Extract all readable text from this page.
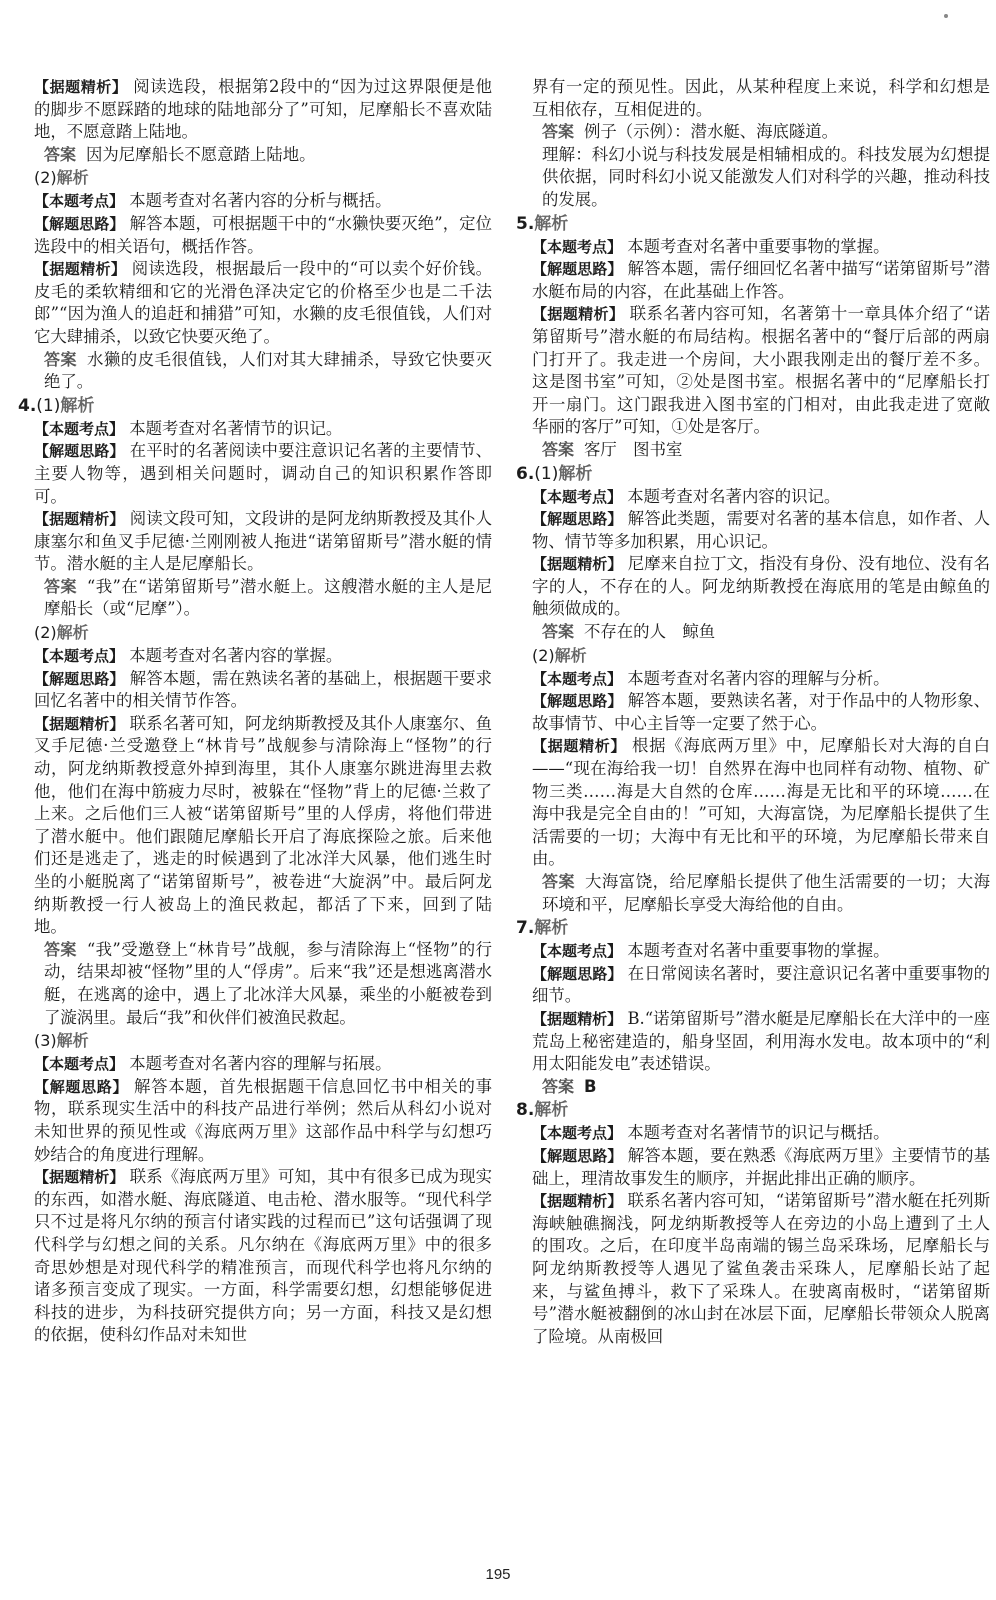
【据题精析】 阅读选段，根据第2段中的“因为过这界限便是他的脚步不愿踩踏的地球的陆地部分了”可知，尼摩船长不喜欢陆地，不愿意踏上陆地。

答案 因为尼摩船长不愿意踏上陆地。

(2)解析

【本题考点】 本题考查对名著内容的分析与概括。

【解题思路】 解答本题，可根据题干中的“水獭快要灭绝”，定位选段中的相关语句，概括作答。

【据题精析】 阅读选段，根据最后一段中的“可以卖个好价钱。皮毛的柔软精细和它的光滑色泽决定它的价格至少也是二千法郎”“因为渔人的追赶和捕猎”可知，水獭的皮毛很值钱，人们对它大肆捕杀，以致它快要灭绝了。

答案 水獭的皮毛很值钱，人们对其大肆捕杀，导致它快要灭绝了。

4.(1)解析

【本题考点】 本题考查对名著情节的识记。

【解题思路】 在平时的名著阅读中要注意识记名著的主要情节、主要人物等，遇到相关问题时，调动自己的知识积累作答即可。

【据题精析】 阅读文段可知，文段讲的是阿龙纳斯教授及其仆人康塞尔和鱼叉手尼德·兰刚刚被人拖进“诺第留斯号”潜水艇的情节。潜水艇的主人是尼摩船长。

答案 “我”在“诺第留斯号”潜水艇上。这艘潜水艇的主人是尼摩船长（或“尼摩”）。

(2)解析

【本题考点】 本题考查对名著内容的掌握。

【解题思路】 解答本题，需在熟读名著的基础上，根据题干要求回忆名著中的相关情节作答。

【据题精析】 联系名著可知，阿龙纳斯教授及其仆人康塞尔、鱼叉手尼德·兰受邀登上“林肯号”战舰参与清除海上“怪物”的行动，阿龙纳斯教授意外掉到海里，其仆人康塞尔跳进海里去救他，他们在海中筋疲力尽时，被躲在“怪物”背上的尼德·兰救了上来。之后他们三人被“诺第留斯号”里的人俘虏，将他们带进了潜水艇中。他们跟随尼摩船长开启了海底探险之旅。后来他们还是逃走了，逃走的时候遇到了北冰洋大风暴，他们逃生时坐的小艇脱离了“诺第留斯号”，被卷进“大旋涡”中。最后阿龙纳斯教授一行人被岛上的渔民救起，都活了下来，回到了陆地。

答案 “我”受邀登上“林肯号”战舰，参与清除海上“怪物”的行动，结果却被“怪物”里的人“俘虏”。后来“我”还是想逃离潜水艇，在逃离的途中，遇上了北冰洋大风暴，乘坐的小艇被卷到了漩涡里。最后“我”和伙伴们被渔民救起。

(3)解析

【本题考点】 本题考查对名著内容的理解与拓展。

【解题思路】 解答本题，首先根据题干信息回忆书中相关的事物，联系现实生活中的科技产品进行举例；然后从科幻小说对未知世界的预见性或《海底两万里》这部作品中科学与幻想巧妙结合的角度进行理解。

【据题精析】 联系《海底两万里》可知，其中有很多已成为现实的东西，如潜水艇、海底隧道、电击枪、潜水服等。“现代科学只不过是将凡尔纳的预言付诸实践的过程而已”这句话强调了现代科学与幻想之间的关系。凡尔纳在《海底两万里》中的很多奇思妙想是对现代科学的精准预言，而现代科学也将凡尔纳的诸多预言变成了现实。一方面，科学需要幻想，幻想能够促进科技的进步，为科技研究提供方向；另一方面，科技又是幻想的依据，使科幻作品对未知世

界有一定的预见性。因此，从某种程度上来说，科学和幻想是互相依存，互相促进的。

答案 例子（示例）：潜水艇、海底隧道。

理解：科幻小说与科技发展是相辅相成的。科技发展为幻想提供依据，同时科幻小说又能激发人们对科学的兴趣，推动科技的发展。

5.解析

【本题考点】 本题考查对名著中重要事物的掌握。

【解题思路】 解答本题，需仔细回忆名著中描写“诺第留斯号”潜水艇布局的内容，在此基础上作答。

【据题精析】 联系名著内容可知，名著第十一章具体介绍了“诺第留斯号”潜水艇的布局结构。根据名著中的“餐厅后部的两扇门打开了。我走进一个房间，大小跟我刚走出的餐厅差不多。这是图书室”可知，②处是图书室。根据名著中的“尼摩船长打开一扇门。这门跟我进入图书室的门相对，由此我走进了宽敞华丽的客厅”可知，①处是客厅。

答案 客厅　图书室

6.(1)解析

【本题考点】 本题考查对名著内容的识记。

【解题思路】 解答此类题，需要对名著的基本信息，如作者、人物、情节等多加积累，用心识记。

【据题精析】 尼摩来自拉丁文，指没有身份、没有地位、没有名字的人，不存在的人。阿龙纳斯教授在海底用的笔是由鲸鱼的触须做成的。

答案 不存在的人　鲸鱼

(2)解析

【本题考点】 本题考查对名著内容的理解与分析。

【解题思路】 解答本题，要熟读名著，对于作品中的人物形象、故事情节、中心主旨等一定要了然于心。

【据题精析】 根据《海底两万里》中，尼摩船长对大海的自白——“现在海给我一切！自然界在海中也同样有动物、植物、矿物三类……海是大自然的仓库……海是无比和平的环境……在海中我是完全自由的！”可知，大海富饶，为尼摩船长提供了生活需要的一切；大海中有无比和平的环境，为尼摩船长带来自由。

答案 大海富饶，给尼摩船长提供了他生活需要的一切；大海环境和平，尼摩船长享受大海给他的自由。

7.解析

【本题考点】 本题考查对名著中重要事物的掌握。

【解题思路】 在日常阅读名著时，要注意识记名著中重要事物的细节。

【据题精析】 B.“诺第留斯号”潜水艇是尼摩船长在大洋中的一座荒岛上秘密建造的，船身坚固，利用海水发电。故本项中的“利用太阳能发电”表述错误。

答案 B

8.解析

【本题考点】 本题考查对名著情节的识记与概括。

【解题思路】 解答本题，要在熟悉《海底两万里》主要情节的基础上，理清故事发生的顺序，并据此排出正确的顺序。

【据题精析】 联系名著内容可知，“诺第留斯号”潜水艇在托列斯海峡触礁搁浅，阿龙纳斯教授等人在旁边的小岛上遭到了土人的围攻。之后，在印度半岛南端的锡兰岛采珠场，尼摩船长与阿龙纳斯教授等人遇见了鲨鱼袭击采珠人，尼摩船长站了起来，与鲨鱼搏斗，救下了采珠人。在驶离南极时，“诺第留斯号”潜水艇被翻倒的冰山封在冰层下面，尼摩船长带领众人脱离了险境。从南极回

195
